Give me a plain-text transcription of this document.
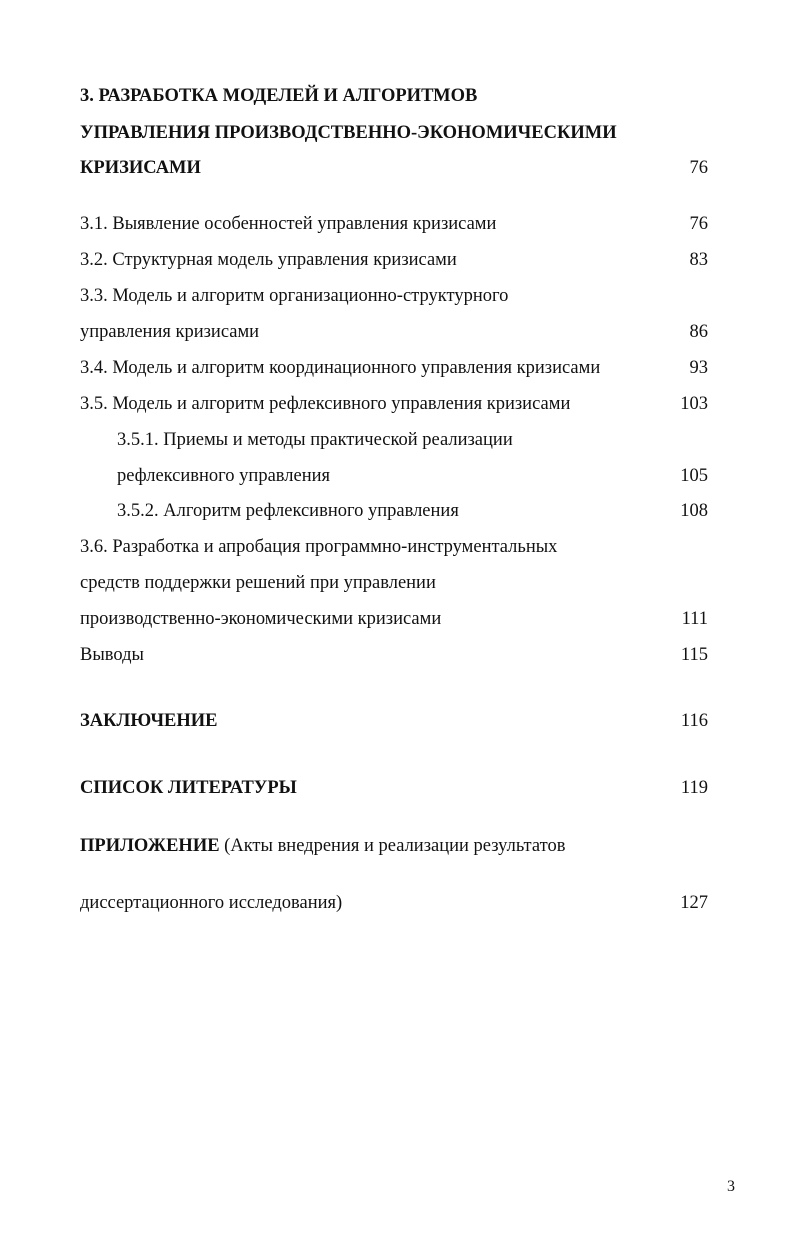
3. РАЗРАБОТКА МОДЕЛЕЙ И АЛГОРИТМОВ
УПРАВЛЕНИЯ ПРОИЗВОДСТВЕННО-ЭКОНОМИЧЕСКИМИ
КРИЗИСАМИ	76
3.1. Выявление особенностей управления кризисами	76
3.2. Структурная модель управления кризисами	83
3.3. Модель и алгоритм организационно-структурного
управления кризисами	86
3.4. Модель и алгоритм координационного управления кризисами	93
3.5. Модель и алгоритм рефлексивного управления кризисами	103
3.5.1. Приемы и методы практической реализации
рефлексивного управления	105
3.5.2. Алгоритм рефлексивного управления	108
3.6. Разработка и апробация программно-инструментальных
средств поддержки решений при управлении
производственно-экономическими кризисами	111
Выводы	115
ЗАКЛЮЧЕНИЕ	116
СПИСОК ЛИТЕРАТУРЫ	119
ПРИЛОЖЕНИЕ (Акты внедрения и реализации результатов
диссертационного исследования)	127
3
